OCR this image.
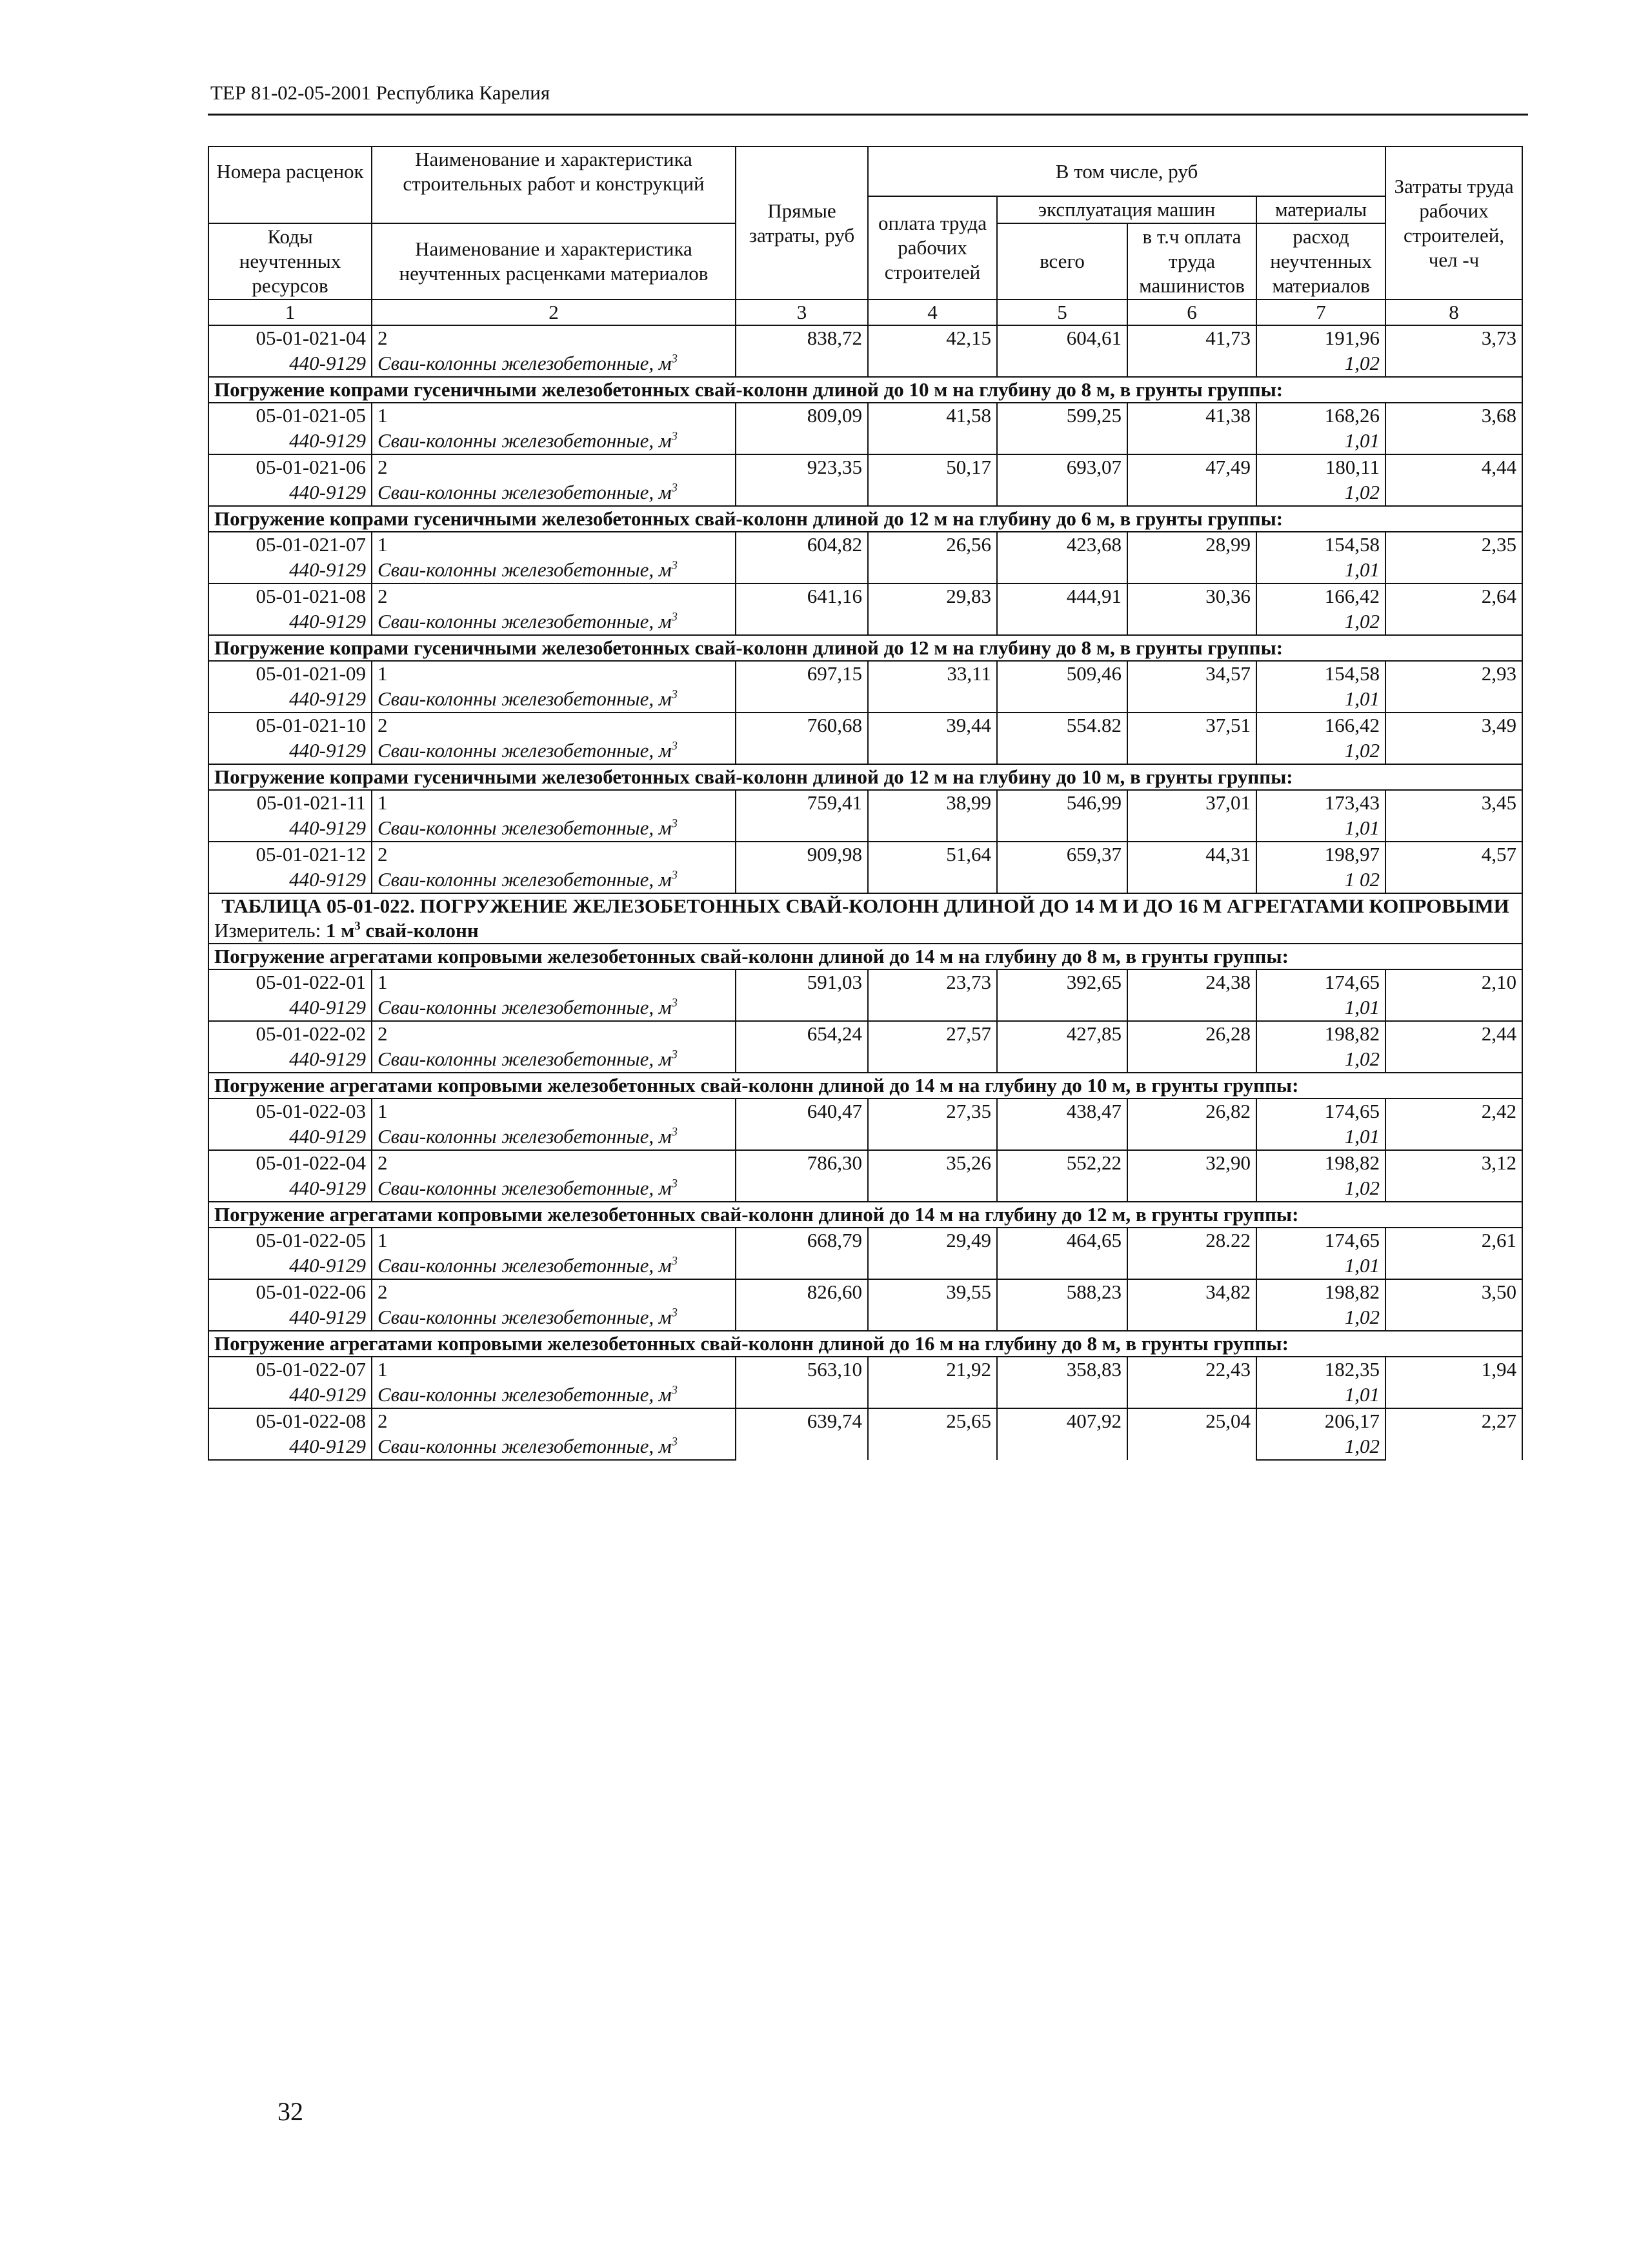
ТЕР 81-02-05-2001 Республика Карелия
Номера расценок	Наименование и характеристика строительных работ и конструкций	Прямые затраты, руб	В том числе, руб				Затраты труда рабочих строителей, чел -ч
			оплата труда рабочих строителей	эксплуатация машин		материалы	
Коды неучтенных ресурсов	Наименование и характеристика неучтенных расценками материалов			всего	в т.ч оплата труда машинистов	расход неучтенных материалов	

1	2	3	4	5	6	7	8
05-01-021-04	2	838,72	42,15	604,61	41,73	191,96	3,73
440-9129	Сваи-колонны железобетонные, $м^3$					1,02	
Погружение копрами гусеничными железобетонных свай-колонн длиной до 10 м на глубину до 8 м, в грунты группы:							
05-01-021-05	1	809,09	41,58	599,25	41,38	168,26	3,68
440-9129	Сваи-колонны железобетонные, $м^3$					1,01	
05-01-021-06	2	923,35	50,17	693,07	47,49	180,11	4,44
440-9129	Сваи-колонны железобетонные, $м^3$					1,02	
Погружение копрами гусеничными железобетонных свай-колонн длиной до 12 м на глубину до 6 м, в грунты группы:							
05-01-021-07	1	604,82	26,56	423,68	28,99	154,58	2,35
440-9129	Сваи-колонны железобетонные, $м^3$					1,01	
05-01-021-08	2	641,16	29,83	444,91	30,36	166,42	2,64
440-9129	Сваи-колонны железобетонные, $м^3$					1,02	
Погружение копрами гусеничными железобетонных свай-колонн длиной до 12 м на глубину до 8 м, в грунты группы:							
05-01-021-09	1	697,15	33,11	509,46	34,57	154,58	2,93
440-9129	Сваи-колонны железобетонные, $м^3$					1,01	
05-01-021-10	2	760,68	39,44	554.82	37,51	166,42	3,49
440-9129	Сваи-колонны железобетонные, $м^3$					1,02	
Погружение копрами гусеничными железобетонных свай-колонн длиной до 12 м на глубину до 10 м, в грунты группы:							
05-01-021-11	1	759,41	38,99	546,99	37,01	173,43	3,45
440-9129	Сваи-колонны железобетонные, $м^3$					1,01	
05-01-021-12	2	909,98	51,64	659,37	44,31	198,97	4,57
440-9129	Сваи-колонны железобетонные, $м^3$					1 02	
ТАБЛИЦА 05-01-022. ПОГРУЖЕНИЕ ЖЕЛЕЗОБЕТОННЫХ СВАЙ-КОЛОНН ДЛИНОЙ ДО 14 М И ДО 16 М АГРЕГАТАМИ КОПРОВЫМИ							
Измеритель: 1 $м^3$ свай-колонн							
Погружение агрегатами копровыми железобетонных свай-колонн длиной до 14 м на глубину до 8 м, в грунты группы:							
05-01-022-01	1	591,03	23,73	392,65	24,38	174,65	2,10
440-9129	Сваи-колонны железобетонные, $м^3$					1,01	
05-01-022-02	2	654,24	27,57	427,85	26,28	198,82	2,44
440-9129	Сваи-колонны железобетонные, $м^3$					1,02	
Погружение агрегатами копровыми железобетонных свай-колонн длиной до 14 м на глубину до 10 м, в грунты группы:							
05-01-022-03	1	640,47	27,35	438,47	26,82	174,65	2,42
440-9129	Сваи-колонны железобетонные, $м^3$					1,01	
05-01-022-04	2	786,30	35,26	552,22	32,90	198,82	3,12
440-9129	Сваи-колонны железобетонные, $м^3$					1,02	
Погружение агрегатами копровыми железобетонных свай-колонн длиной до 14 м на глубину до 12 м, в грунты группы:							
05-01-022-05	1	668,79	29,49	464,65	28.22	174,65	2,61
440-9129	Сваи-колонны железобетонные, $м^3$					1,01	
05-01-022-06	2	826,60	39,55	588,23	34,82	198,82	3,50
440-9129	Сваи-колонны железобетонные, $м^3$					1,02	
Погружение агрегатами копровыми железобетонных свай-колонн длиной до 16 м на глубину до 8 м, в грунты группы:							
05-01-022-07	1	563,10	21,92	358,83	22,43	182,35	1,94
440-9129	Сваи-колонны железобетонные, $м^3$					1,01	
05-01-022-08	2	639,74	25,65	407,92	25,04	206,17	2,27
440-9129	Сваи-колонны железобетонные, $м^3$					1,02	
32
